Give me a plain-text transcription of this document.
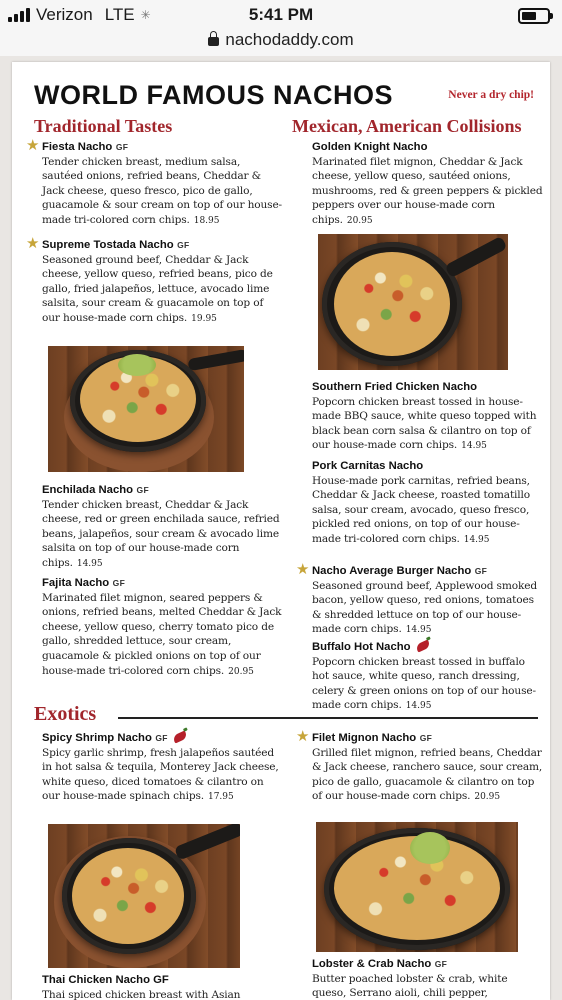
Verizon LTE ✳	5:41 PM
nachodaddy.com
WORLD FAMOUS NACHOS	Never a dry chip!
Traditional Tastes	Mexican, American Collisions
★ Fiesta Nacho GF
Tender chicken breast, medium salsa, sautéed onions, refried beans, Cheddar & Jack cheese, queso fresco, pico de gallo, guacamole & sour cream on top of our house-made tri-colored corn chips. 18.95
★ Supreme Tostada Nacho GF
Seasoned ground beef, Cheddar & Jack cheese, yellow queso, refried beans, pico de gallo, fried jalapeños, lettuce, avocado lime salsita, sour cream & guacamole on top of our house-made corn chips. 19.95
Enchilada Nacho GF
Tender chicken breast, Cheddar & Jack cheese, red or green enchilada sauce, refried beans, jalapeños, sour cream & avocado lime salsita on top of our house-made corn chips. 14.95
Fajita Nacho GF
Marinated filet mignon, seared peppers & onions, refried beans, melted Cheddar & Jack cheese, yellow queso, cherry tomato pico de gallo, shredded lettuce, sour cream, guacamole & pickled onions on top of our house-made tri-colored corn chips. 20.95
Golden Knight Nacho
Marinated filet mignon, Cheddar & Jack cheese, yellow queso, sautéed onions, mushrooms, red & green peppers & pickled peppers over our house-made corn chips. 20.95
Southern Fried Chicken Nacho
Popcorn chicken breast tossed in house-made BBQ sauce, white queso topped with black bean corn salsa & cilantro on top of our house-made corn chips. 14.95
Pork Carnitas Nacho
House-made pork carnitas, refried beans, Cheddar & Jack cheese, roasted tomatillo salsa, sour cream, avocado, queso fresco, pickled red onions, on top of our house-made tri-colored corn chips. 14.95
★ Nacho Average Burger Nacho GF
Seasoned ground beef, Applewood smoked bacon, yellow queso, red onions, tomatoes & shredded lettuce on top of our house-made corn chips. 14.95
Buffalo Hot Nacho
Popcorn chicken breast tossed in buffalo hot sauce, white queso, ranch dressing, celery & green onions on top of our house-made corn chips. 14.95
Exotics
Spicy Shrimp Nacho GF
Spicy garlic shrimp, fresh jalapeños sautéed in hot salsa & tequila, Monterey Jack cheese, white queso, diced tomatoes & cilantro on our house-made spinach chips. 17.95
Thai Chicken Nacho GF
Thai spiced chicken breast with Asian
★ Filet Mignon Nacho GF
Grilled filet mignon, refried beans, Cheddar & Jack cheese, ranchero sauce, sour cream, pico de gallo, guacamole & cilantro on top of our house-made corn chips. 20.95
Lobster & Crab Nacho GF
Butter poached lobster & crab, white queso, Serrano aioli, chili pepper,
